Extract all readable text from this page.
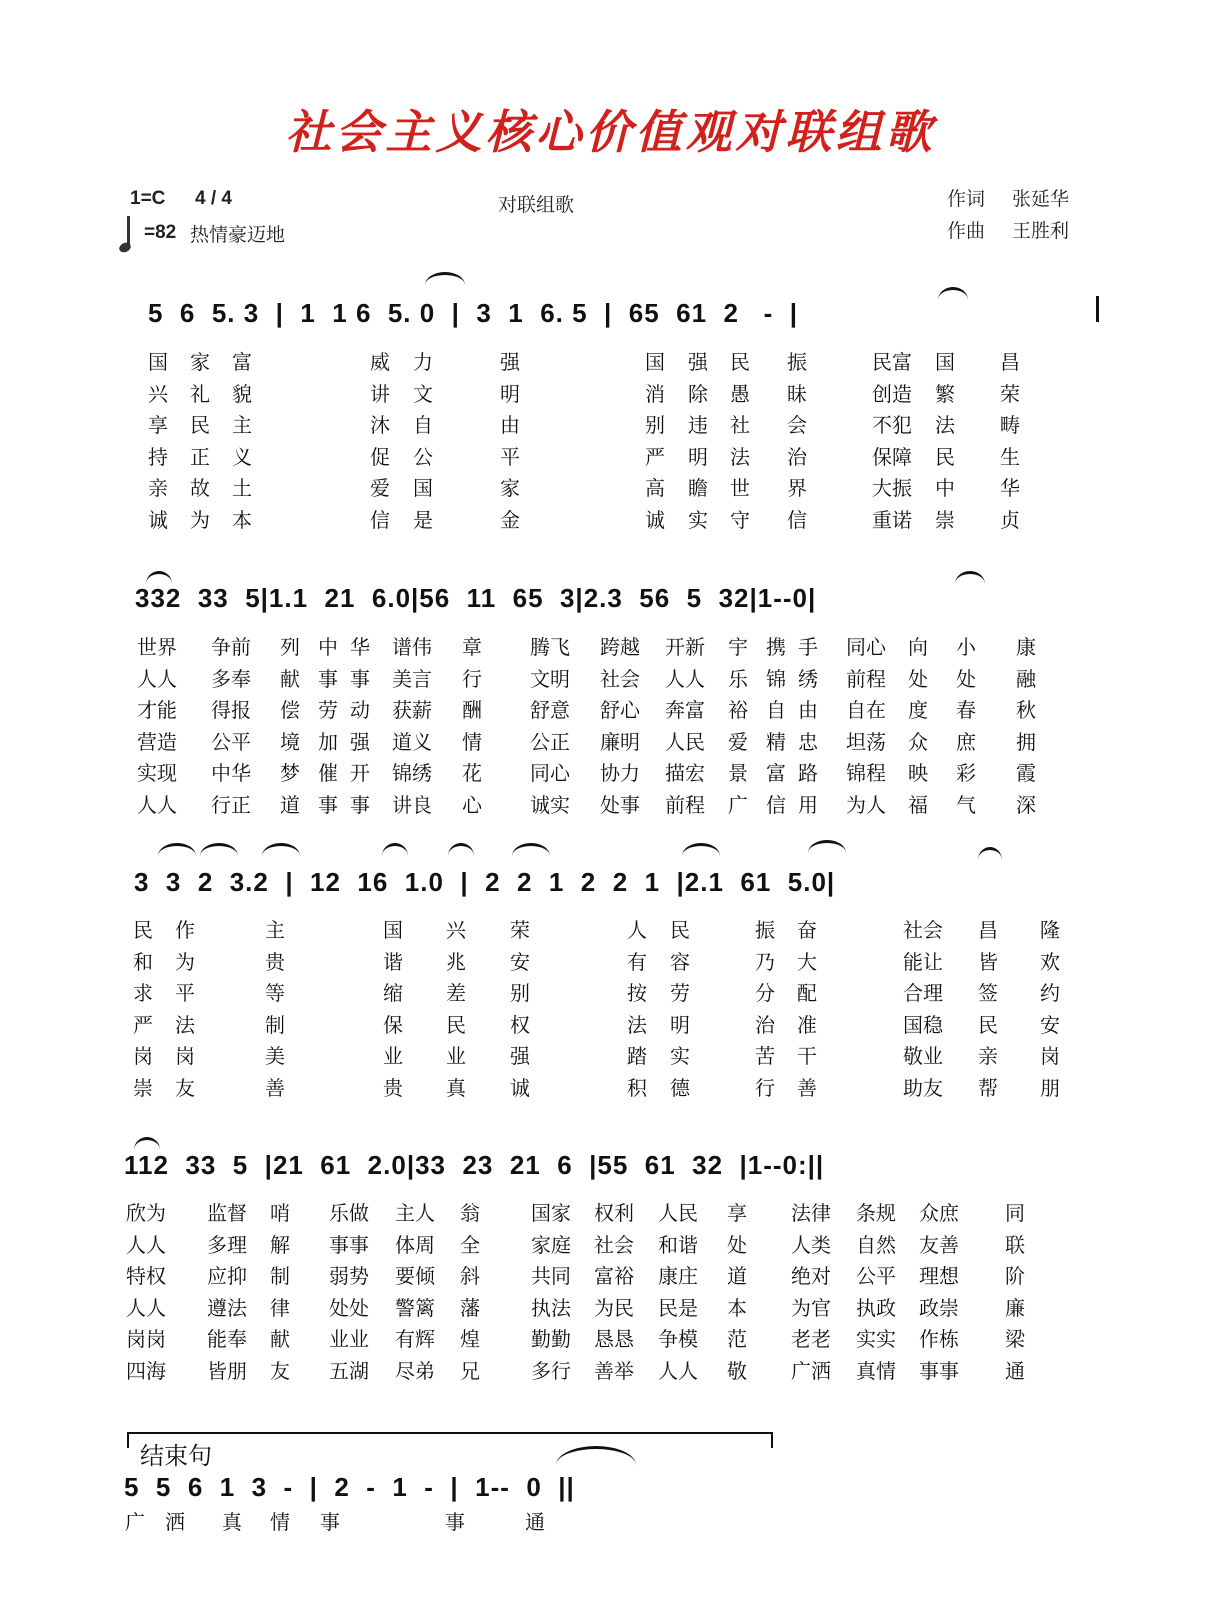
社会主义核心价值观对联组歌
1=C 4 / 4
=82 热情豪迈地
对联组歌	作词 张延华
作曲 王胜利
5  6  5. 3  |  1  1 6  5. 0  |  3  1  6. 5  |  65  61  2   -  |
国 家 富	威 力	强	国 强 民 振	民富 国 昌
兴 礼 貌	讲 文	明	消 除 愚 昧	创造 繁 荣
享 民 主	沐 自	由	别 违 社 会	不犯 法 畴
持 正 义	促 公	平	严 明 法 治	保障 民 生
亲 故 土	爱 国	家	高 瞻 世 界	大振 中 华
诚 为 本	信 是	金	诚 实 守 信	重诺 崇 贞
332  33  5|1.1  21  6.0|56  11  65  3|2.3  56  5  32|1--0|
世界 争前 列 中 华 谱伟 章 腾飞 跨越 开新 宇 携 手 同心 向 小 康
人人 多奉 献 事 事 美言 行 文明 社会 人人 乐 锦 绣 前程 处 处 融
才能 得报 偿 劳 动 获薪 酬 舒意 舒心 奔富 裕 自 由 自在 度 春 秋
营造 公平 境 加 强 道义 情 公正 廉明 人民 爱 精 忠 坦荡 众 庶 拥
实现 中华 梦 催 开 锦绣 花 同心 协力 描宏 景 富 路 锦程 映 彩 霞
人人 行正 道 事 事 讲良 心 诚实 处事 前程 广 信 用 为人 福 气 深
3  3  2  3.2  |  12  16  1.0  |  2  2  1  2  2  1  |2.1  61  5.0|
民 作	主	国 兴 荣	人 民	振 奋	社会 昌 隆
和 为	贵	谐 兆 安	有 容	乃 大	能让 皆 欢
求 平	等	缩 差 别	按 劳	分 配	合理 签 约
严 法	制	保 民 权	法 明	治 准	国稳 民 安
岗 岗	美	业 业 强	踏 实	苦 干	敬业 亲 岗
崇 友	善	贵 真 诚	积 德	行 善	助友 帮 朋
112  33  5  |21  61  2.0|33  23  21  6  |55  61  32  |1--0:||
欣为 监督 哨 乐做 主人 翁	国家 权利 人民 享 法律 条规 众庶 同
人人 多理 解 事事 体周 全	家庭 社会 和谐 处 人类 自然 友善 联
特权 应抑 制 弱势 要倾 斜	共同 富裕 康庄 道 绝对 公平 理想 阶
人人 遵法 律 处处 警篱 藩	执法 为民 民是 本 为官 执政 政崇 廉
岗岗 能奉 献 业业 有辉 煌	勤勤 恳恳 争模 范 老老 实实 作栋 梁
四海 皆朋 友 五湖 尽弟 兄	多行 善举 人人 敬 广洒 真情 事事 通
结束句
5  5  6  1  3  -  |  2  -  1  -  |  1--  0  ||
广 洒 真 情 事	事	通
